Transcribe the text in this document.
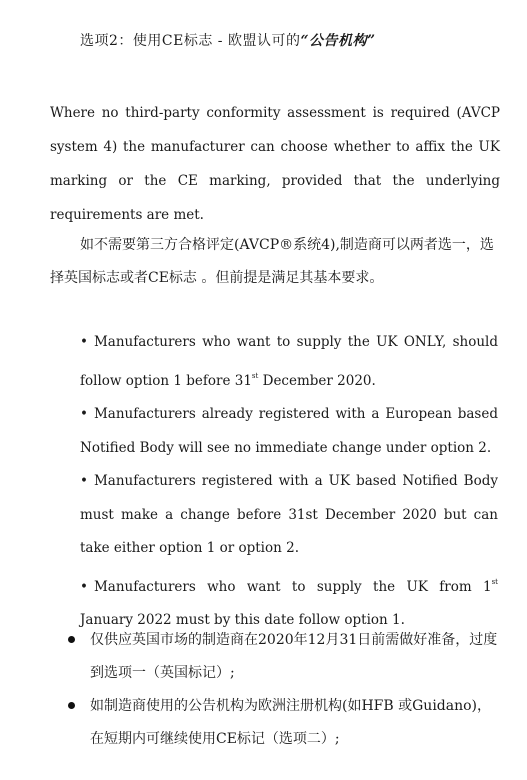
选项2：使用CE标志 - 欧盟认可的“公告机构”

Where no third-party conformity assessment is required (AVCP system 4) the manufacturer can choose whether to affix the UK marking or the CE marking, provided that the underlying requirements are met.

如不需要第三方合格评定(AVCP®系统4),制造商可以两者选一，选择英国标志或者CE标志 。但前提是满足其基本要求。

• Manufacturers who want to supply the UK ONLY, should follow option 1 before 31st December 2020.

• Manufacturers already registered with a European based Notified Body will see no immediate change under option 2.

• Manufacturers registered with a UK based Notified Body must make a change before 31st December 2020 but can take either option 1 or option 2.

• Manufacturers who want to supply the UK from 1st January 2022 must by this date follow option 1.

仅供应英国市场的制造商在2020年12月31日前需做好准备，过度到选项一（英国标记）;
如制造商使用的公告机构为欧洲注册机构(如HFB 或Guidano)，在短期内可继续使用CE标记（选项二）;
